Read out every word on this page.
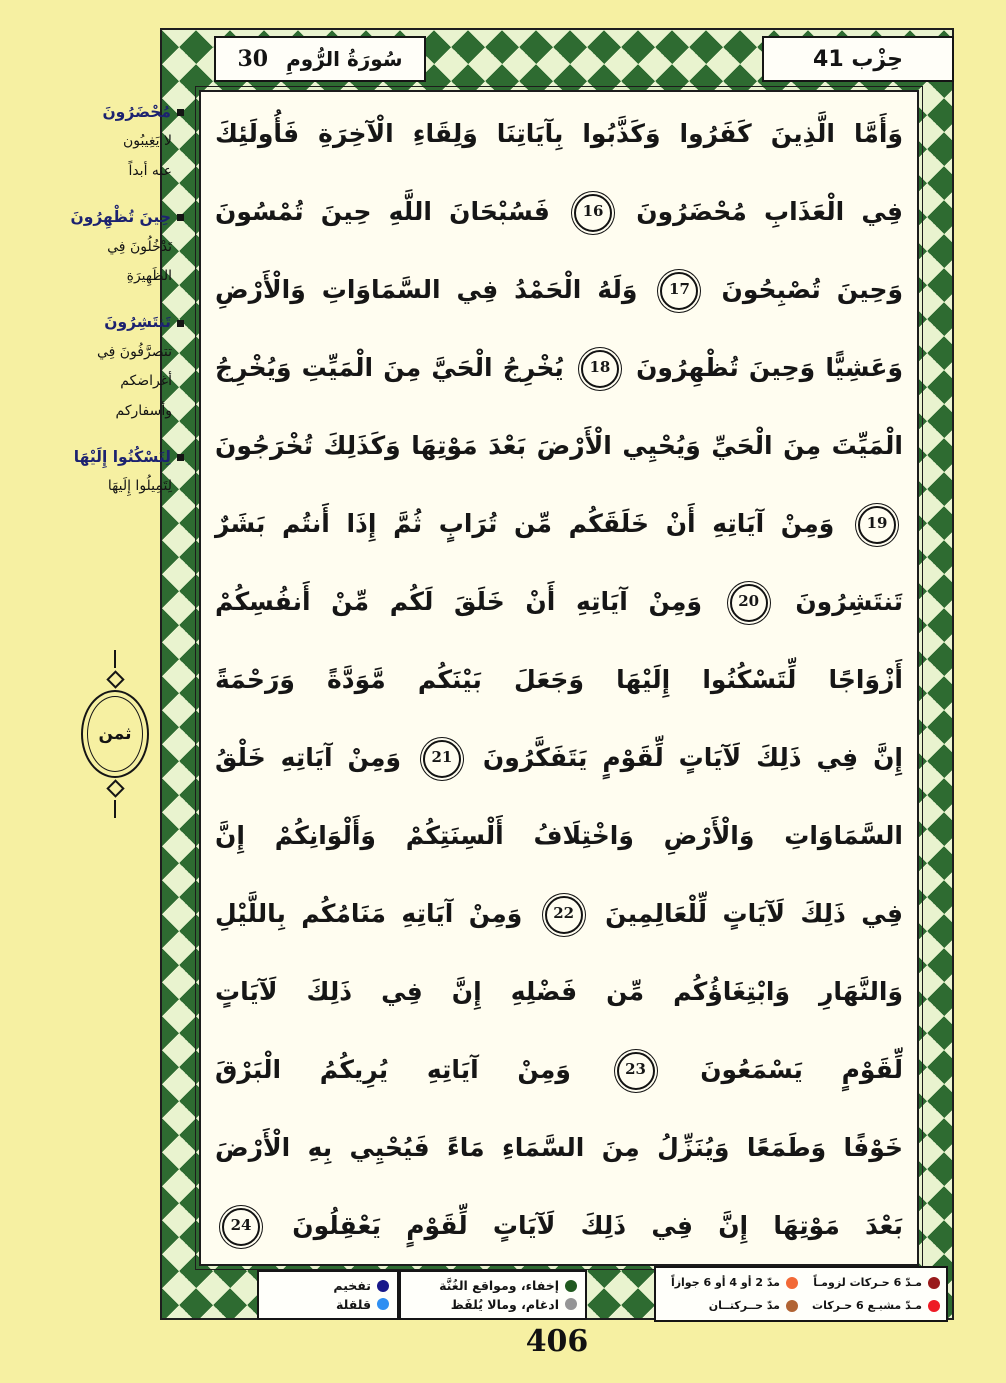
وَأَمَّا الَّذِينَ كَفَرُوا وَكَذَّبُوا بِآيَاتِنَا وَلِقَاءِ الْآخِرَةِ فَأُولَئِكَ
فِي الْعَذَابِ مُحْضَرُونَ 16 فَسُبْحَانَ اللَّهِ حِينَ تُمْسُونَ
وَحِينَ تُصْبِحُونَ 17 وَلَهُ الْحَمْدُ فِي السَّمَاوَاتِ وَالْأَرْضِ
وَعَشِيًّا وَحِينَ تُظْهِرُونَ 18 يُخْرِجُ الْحَيَّ مِنَ الْمَيِّتِ وَيُخْرِجُ
الْمَيِّتَ مِنَ الْحَيِّ وَيُحْيِي الْأَرْضَ بَعْدَ مَوْتِهَا وَكَذَلِكَ تُخْرَجُونَ
19 وَمِنْ آيَاتِهِ أَنْ خَلَقَكُم مِّن تُرَابٍ ثُمَّ إِذَا أَنتُم بَشَرٌ
تَنتَشِرُونَ 20 وَمِنْ آيَاتِهِ أَنْ خَلَقَ لَكُم مِّنْ أَنفُسِكُمْ
أَزْوَاجًا لِّتَسْكُنُوا إِلَيْهَا وَجَعَلَ بَيْنَكُم مَّوَدَّةً وَرَحْمَةً
إِنَّ فِي ذَلِكَ لَآيَاتٍ لِّقَوْمٍ يَتَفَكَّرُونَ 21 وَمِنْ آيَاتِهِ خَلْقُ
السَّمَاوَاتِ وَالْأَرْضِ وَاخْتِلَافُ أَلْسِنَتِكُمْ وَأَلْوَانِكُمْ إِنَّ
فِي ذَلِكَ لَآيَاتٍ لِّلْعَالِمِينَ 22 وَمِنْ آيَاتِهِ مَنَامُكُم بِاللَّيْلِ
وَالنَّهَارِ وَابْتِغَاؤُكُم مِّن فَضْلِهِ إِنَّ فِي ذَلِكَ لَآيَاتٍ
لِّقَوْمٍ يَسْمَعُونَ 23 وَمِنْ آيَاتِهِ يُرِيكُمُ الْبَرْقَ
خَوْفًا وَطَمَعًا وَيُنَزِّلُ مِنَ السَّمَاءِ مَاءً فَيُحْيِي بِهِ الْأَرْضَ
بَعْدَ مَوْتِهَا إِنَّ فِي ذَلِكَ لَآيَاتٍ لِّقَوْمٍ يَعْقِلُونَ 24
سُورَةُ الرُّومِ
30	حِزْب 41
مُحْضَرُونَ
لا يَغِيبُون
عنه أبداً
حِينَ تُظْهِرُونَ
تَدْخُلُونَ فِي
الظَهِيرَةِ
تَنتَشِرُونَ
تتصرَّفُونَ فِي
أغراضكم
وأسفاركم
لِتَسْكُنُوا إِلَيْهَا
لِتَمِيلُوا إِلَيهَا
ثمن
تفخيم
قلقلة
إخفاء، ومواقع الغُنَّة
ادغام، ومالا يُلفَظ
مـدّ 6 حـركات لزومـاً
مدّ 2 أو 4 أو 6 جوازاً
مـدّ مشبـع 6 حـركات
مدّ حــركتــان
406
